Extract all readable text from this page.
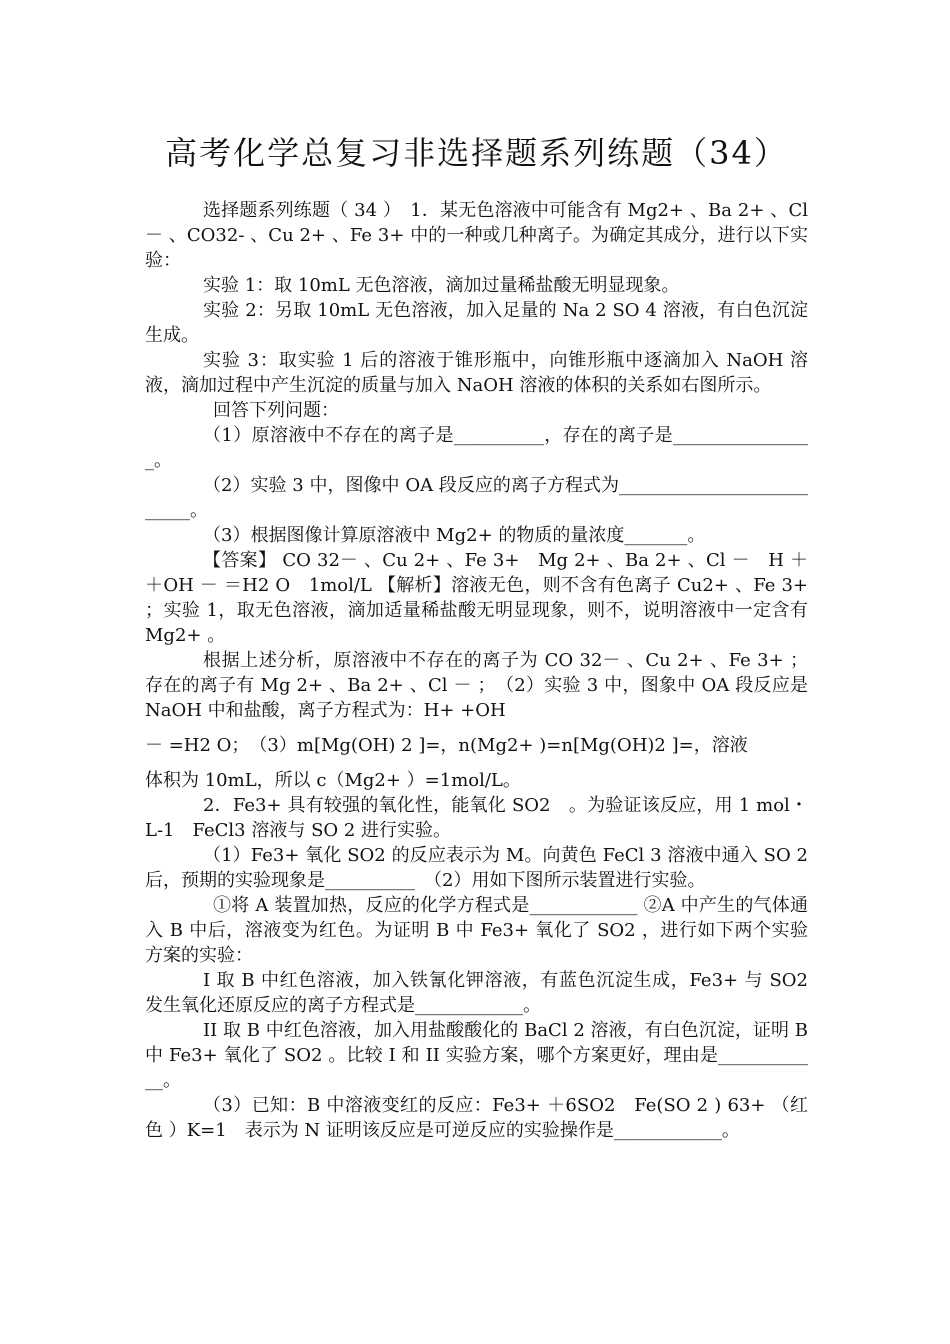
高考化学总复习非选择题系列练题（34）

选择题系列练题（ 34 ）　1．某无色溶液中可能含有 Mg2+ 、Ba 2+ 、Cl － 、CO32- 、Cu 2+ 、Fe 3+ 中的一种或几种离子。为确定其成分，进行以下实验：

实验 1：取 10mL 无色溶液，滴加过量稀盐酸无明显现象。

实验 2：另取 10mL 无色溶液，加入足量的 Na 2 SO 4 溶液，有白色沉淀生成。

实验 3：取实验 1 后的溶液于锥形瓶中，向锥形瓶中逐滴加入 NaOH 溶液，滴加过程中产生沉淀的质量与加入 NaOH 溶液的体积的关系如右图所示。

回答下列问题：

（1）原溶液中不存在的离子是__________，存在的离子是________________。

（2）实验 3 中，图像中 OA 段反应的离子方程式为__________________________。

（3）根据图像计算原溶液中 Mg2+ 的物质的量浓度_______。

【答案】 CO 32－ 、Cu 2+ 、Fe 3+　Mg 2+ 、Ba 2+ 、Cl －　H ＋ ＋OH － ＝H2 O　1mol/L 【解析】溶液无色，则不含有色离子 Cu2+ 、Fe 3+ ；实验 1，取无色溶液，滴加适量稀盐酸无明显现象，则不，说明溶液中一定含有 Mg2+ 。

根据上述分析，原溶液中不存在的离子为 CO 32－ 、Cu 2+ 、Fe 3+ ；存在的离子有 Mg 2+ 、Ba 2+ 、Cl － ；　（2）实验 3 中，图象中 OA 段反应是 NaOH 中和盐酸，离子方程式为：H+ +OH

－ =H2 O；　（3）m[Mg(OH) 2 ]=，n(Mg2+ )=n[Mg(OH)2 ]=，溶液

体积为 10mL，所以 c（Mg2+ ）=1mol/L。

2．Fe3+ 具有较强的氧化性，能氧化 SO2　。为验证该反应，用 1 mol・ L-1　FeCl3 溶液与 SO 2 进行实验。

（1）Fe3+ 氧化 SO2 的反应表示为 M。向黄色 FeCl 3 溶液中通入 SO 2 后，预期的实验现象是__________　（2）用如下图所示装置进行实验。

①将 A 装置加热，反应的化学方程式是____________ ②A 中产生的气体通入 B 中后，溶液变为红色。为证明 B 中 Fe3+ 氧化了 SO2 ，进行如下两个实验方案的实验：

I 取 B 中红色溶液，加入铁氰化钾溶液，有蓝色沉淀生成，Fe3+ 与 SO2 发生氧化还原反应的离子方程式是____________。

II 取 B 中红色溶液，加入用盐酸酸化的 BaCl 2 溶液，有白色沉淀，证明 B 中 Fe3+ 氧化了 SO2 。比较 I 和 II 实验方案，哪个方案更好，理由是____________。

（3）已知：B 中溶液变红的反应：Fe3+ ＋6SO2　Fe(SO 2 ) 63+ （红色 ）K=1　表示为 N 证明该反应是可逆反应的实验操作是____________。
